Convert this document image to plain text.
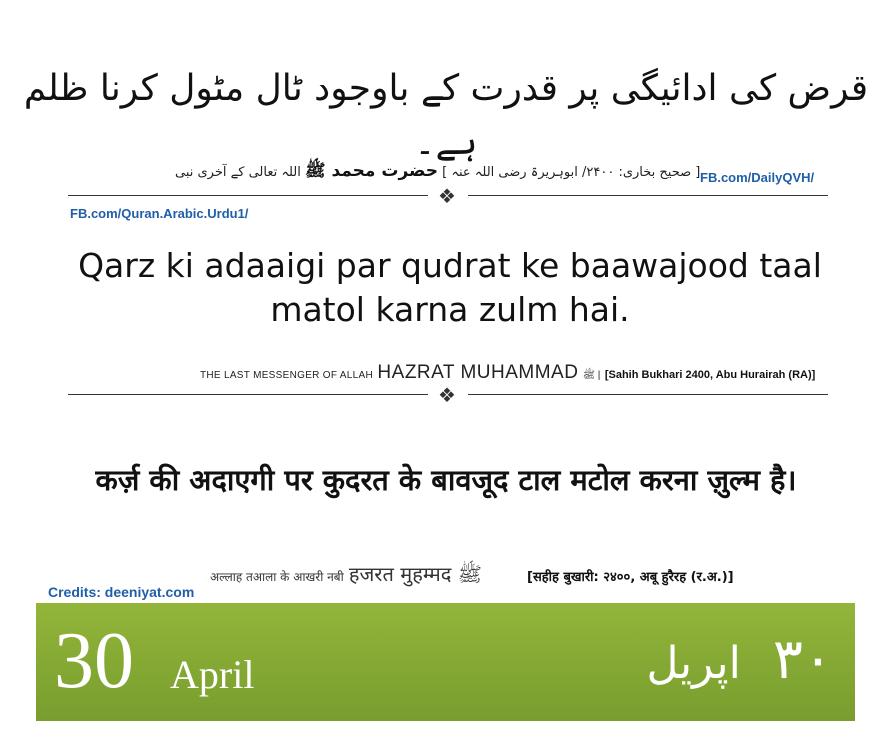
قرض کی ادائیگی پر قدرت کے باوجود ٹال مٹول کرنا ظلم ہے۔
[ صحیح بخاری: ۲۴۰۰/ ابوہریرۃ رضی اللہ عنہ ] حضرت محمد ﷺ اللہ تعالی کے آخری نبی	FB.com/DailyQVH/
❖
FB.com/Quran.Arabic.Urdu1/
Qarz ki adaaigi par qudrat ke baawajood taal matol karna zulm hai.
THE LAST MESSENGER OF ALLAH HAZRAT MUHAMMAD ﷺ | [Sahih Bukhari 2400, Abu Hurairah (RA)]
❖
कर्ज़ की अदाएगी पर कुदरत के बावजूद टाल मटोल करना ज़ुल्म है।
अल्लाह तआला के आखरी नबी हजरत मुहम्मद ﷺ	[सहीह बुखारी: २४००, अबू हुरैरह (र.अ.)]
Credits: deeniyat.com
30 April	۳۰ اپریل
